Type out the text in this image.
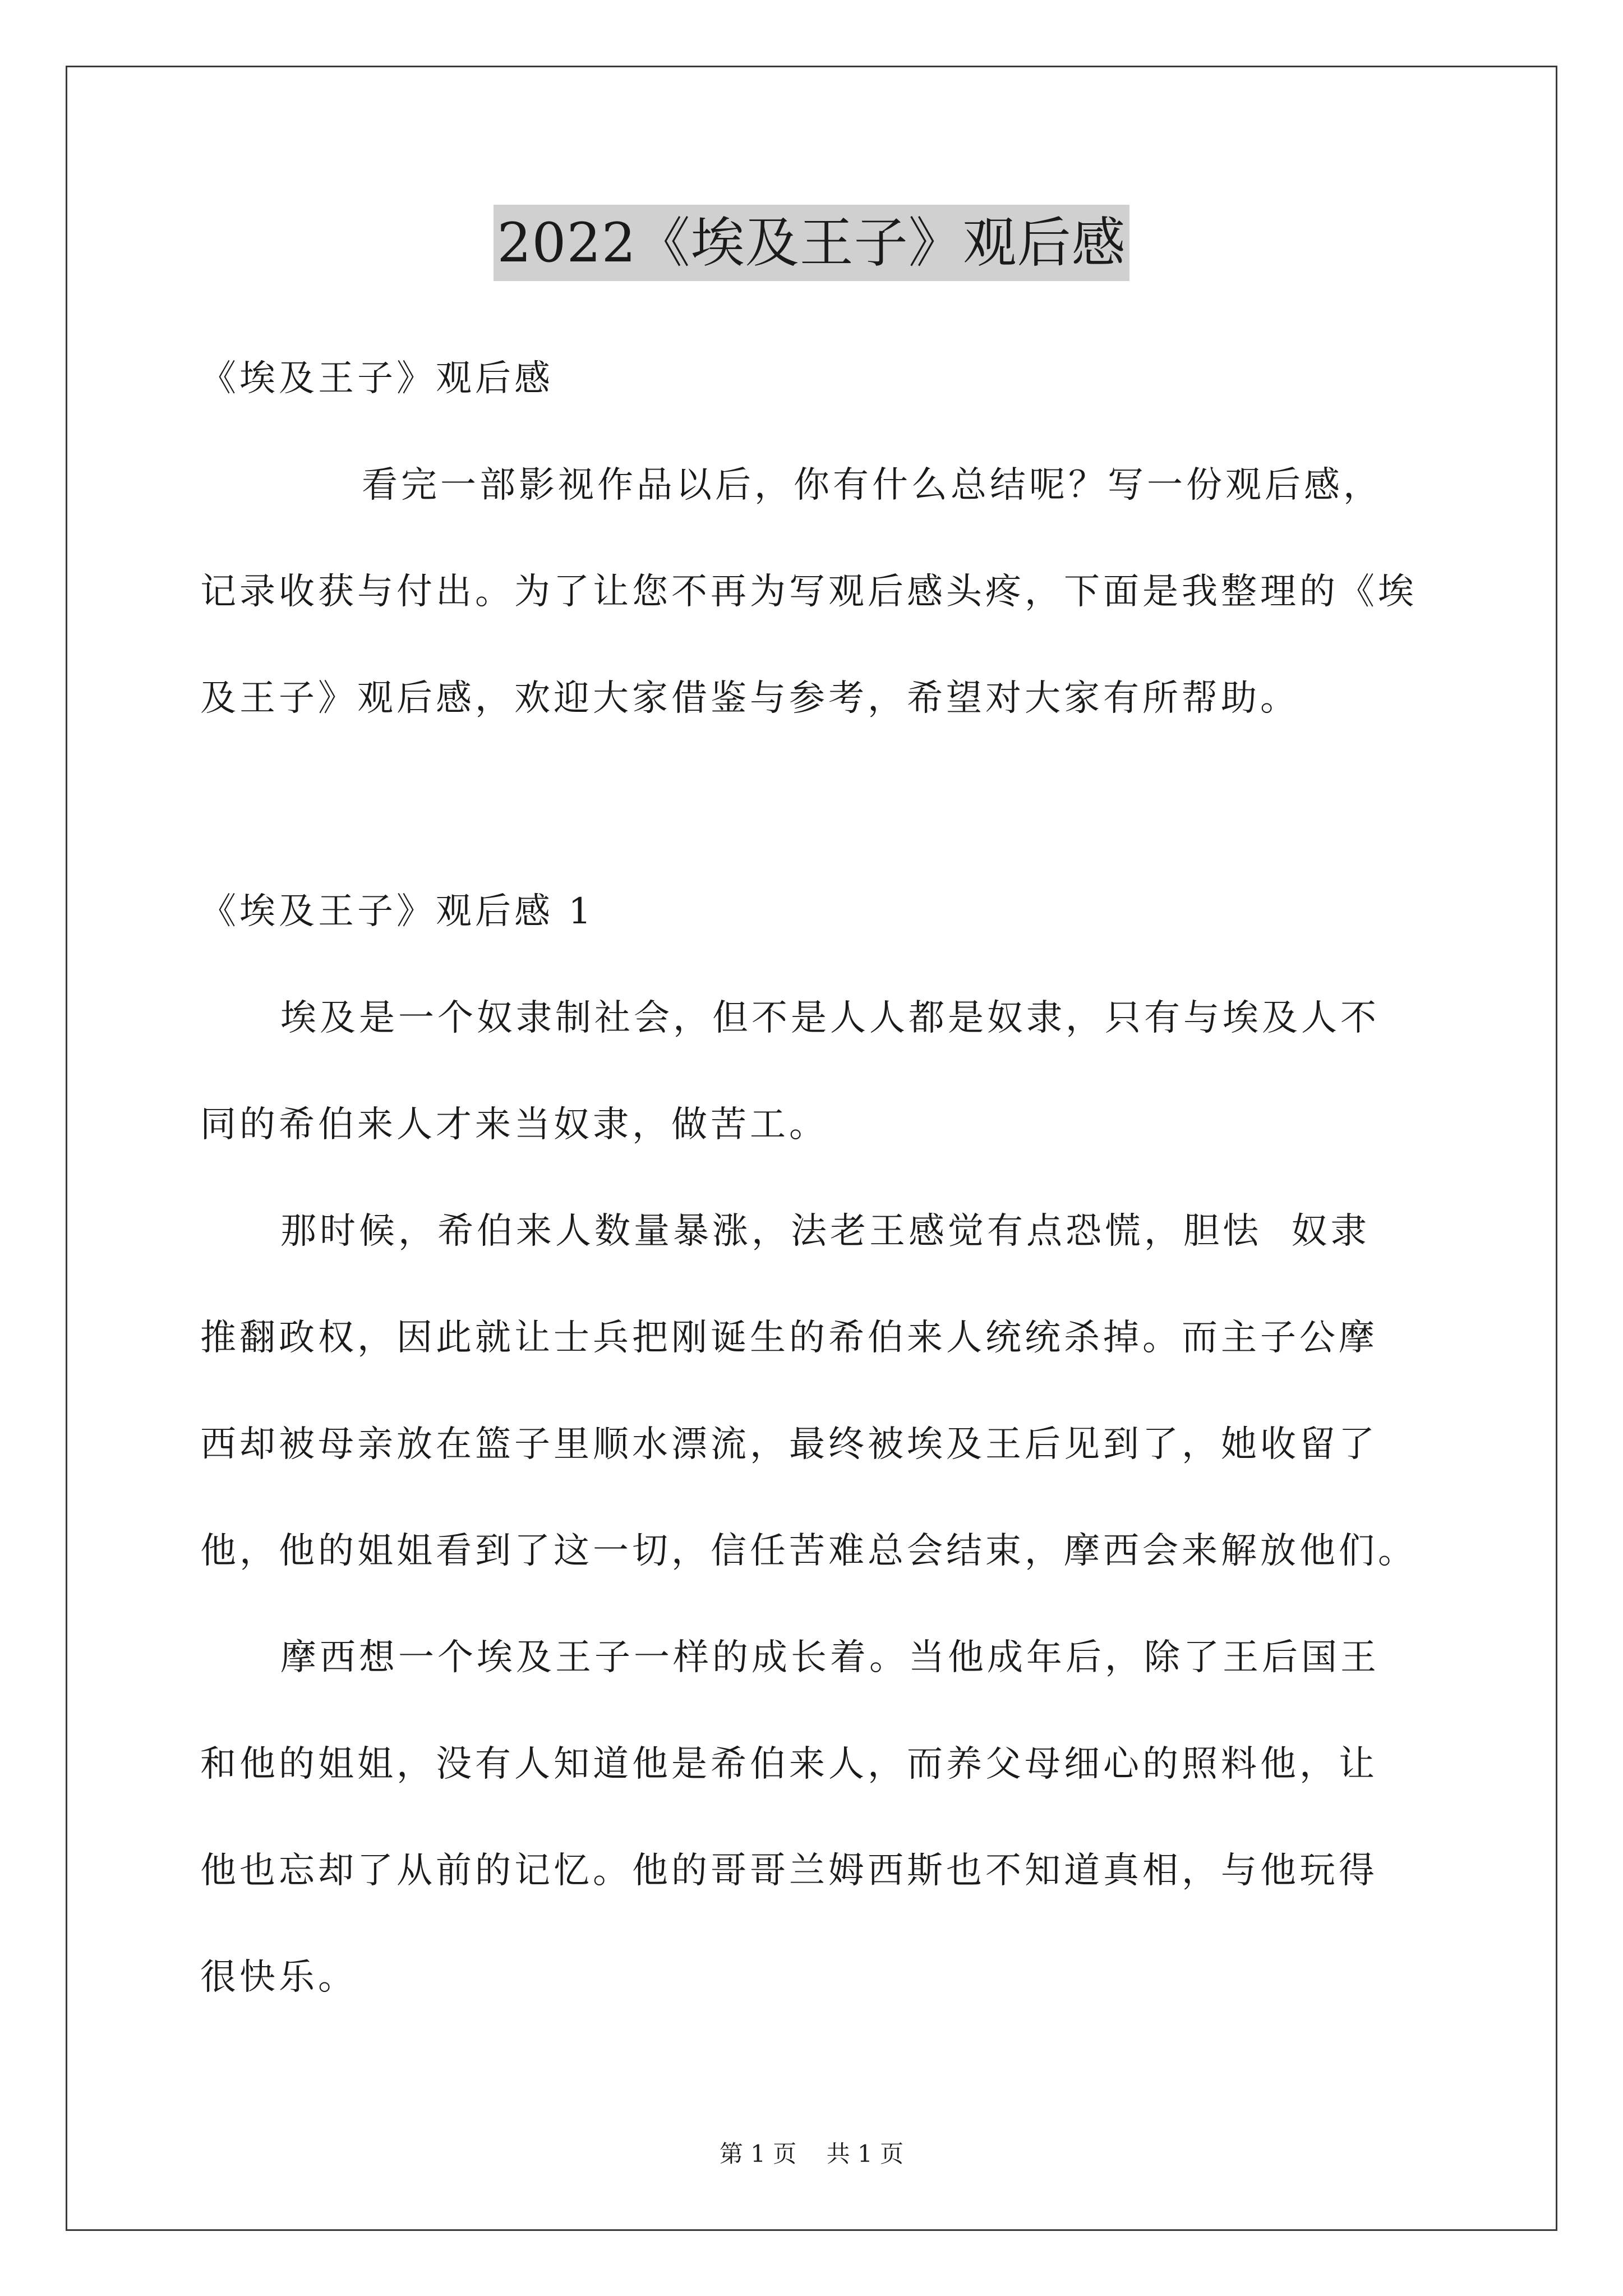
2022《埃及王子》观后感
《埃及王子》观后感
看完一部影视作品以后，你有什么总结呢？写一份观后感，
记录收获与付出。为了让您不再为写观后感头疼，下面是我整理的《埃
及王子》观后感，欢迎大家借鉴与参考，希望对大家有所帮助。
《埃及王子》观后感 1
埃及是一个奴隶制社会，但不是人人都是奴隶，只有与埃及人不
同的希伯来人才来当奴隶，做苦工。
那时候，希伯来人数量暴涨，法老王感觉有点恐慌，胆怯  奴隶
推翻政权，因此就让士兵把刚诞生的希伯来人统统杀掉。而主子公摩
西却被母亲放在篮子里顺水漂流，最终被埃及王后见到了，她收留了
他，他的姐姐看到了这一切，信任苦难总会结束，摩西会来解放他们。
摩西想一个埃及王子一样的成长着。当他成年后，除了王后国王
和他的姐姐，没有人知道他是希伯来人，而养父母细心的照料他，让
他也忘却了从前的记忆。他的哥哥兰姆西斯也不知道真相，与他玩得
很快乐。
第 1 页 共 1 页
